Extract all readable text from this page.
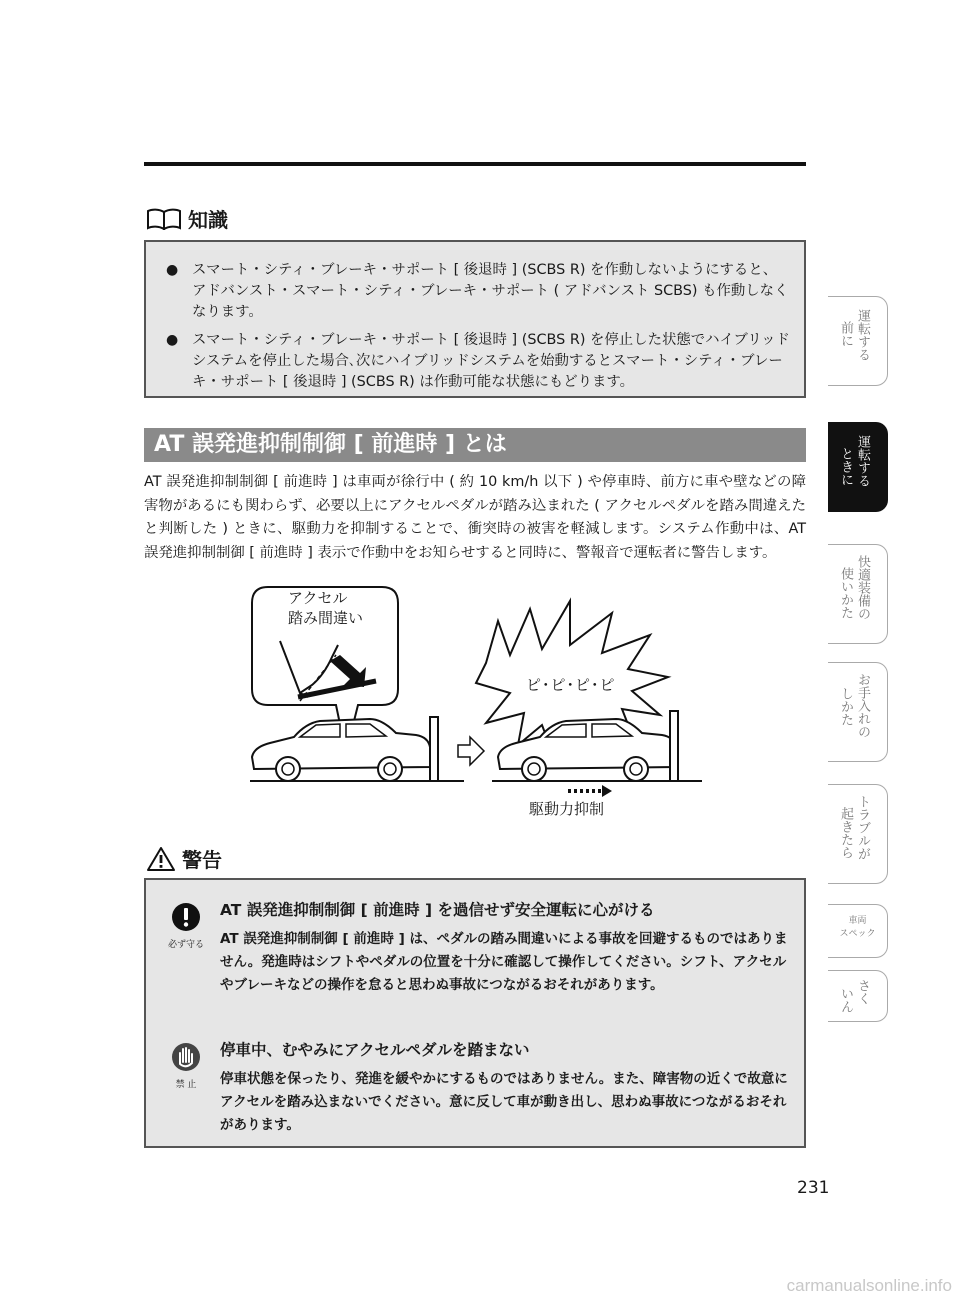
知識
● スマート・シティ・ブレーキ・サポート [ 後退時 ] (SCBS R) を作動しないようにすると、アドバンスト・スマート・シティ・ブレーキ・サポート ( アドバンスト SCBS) も作動しなくなります。
● スマート・シティ・ブレーキ・サポート [ 後退時 ] (SCBS R) を停止した状態でハイブリッドシステムを停止した場合､次にハイブリッドシステムを始動するとスマート・シティ・ブレーキ・サポート [ 後退時 ] (SCBS R) は作動可能な状態にもどります。
AT 誤発進抑制制御 [ 前進時 ] とは

AT 誤発進抑制制御 [ 前進時 ] は車両が徐行中 ( 約 10 km/h 以下 ) や停車時、前方に車や壁などの障害物があるにも関わらず、必要以上にアクセルペダルが踏み込まれた ( アクセルペダルを踏み間違えたと判断した ) ときに、駆動力を抑制することで、衝突時の被害を軽減します。システム作動中は、AT 誤発進抑制制御 [ 前進時 ] 表示で作動中をお知らせすると同時に、警報音で運転者に警告します。

アクセル
踏み間違い
ピ･ピ･ピ･ピ
駆動力抑制
警告
必ず守る
AT 誤発進抑制制御 [ 前進時 ] を過信せず安全運転に心がける

AT 誤発進抑制制御 [ 前進時 ] は、ペダルの踏み間違いによる事故を回避するものではありません。発進時はシフトやペダルの位置を十分に確認して操作してください。シフト、アクセルやブレーキなどの操作を怠ると思わぬ事故につながるおそれがあります。

禁 止
停車中、むやみにアクセルペダルを踏まない

停車状態を保ったり、発進を緩やかにするものではありません。また、障害物の近くで故意にアクセルを踏み込まないでください。意に反して車が動き出し、思わぬ事故につながるおそれがあります。

運転する
前に
運転する
ときに
快適装備の
使いかた
お手入れの
しかた
トラブルが
起きたら
車両
スペック
さく
いん
231
carmanualsonline.info
